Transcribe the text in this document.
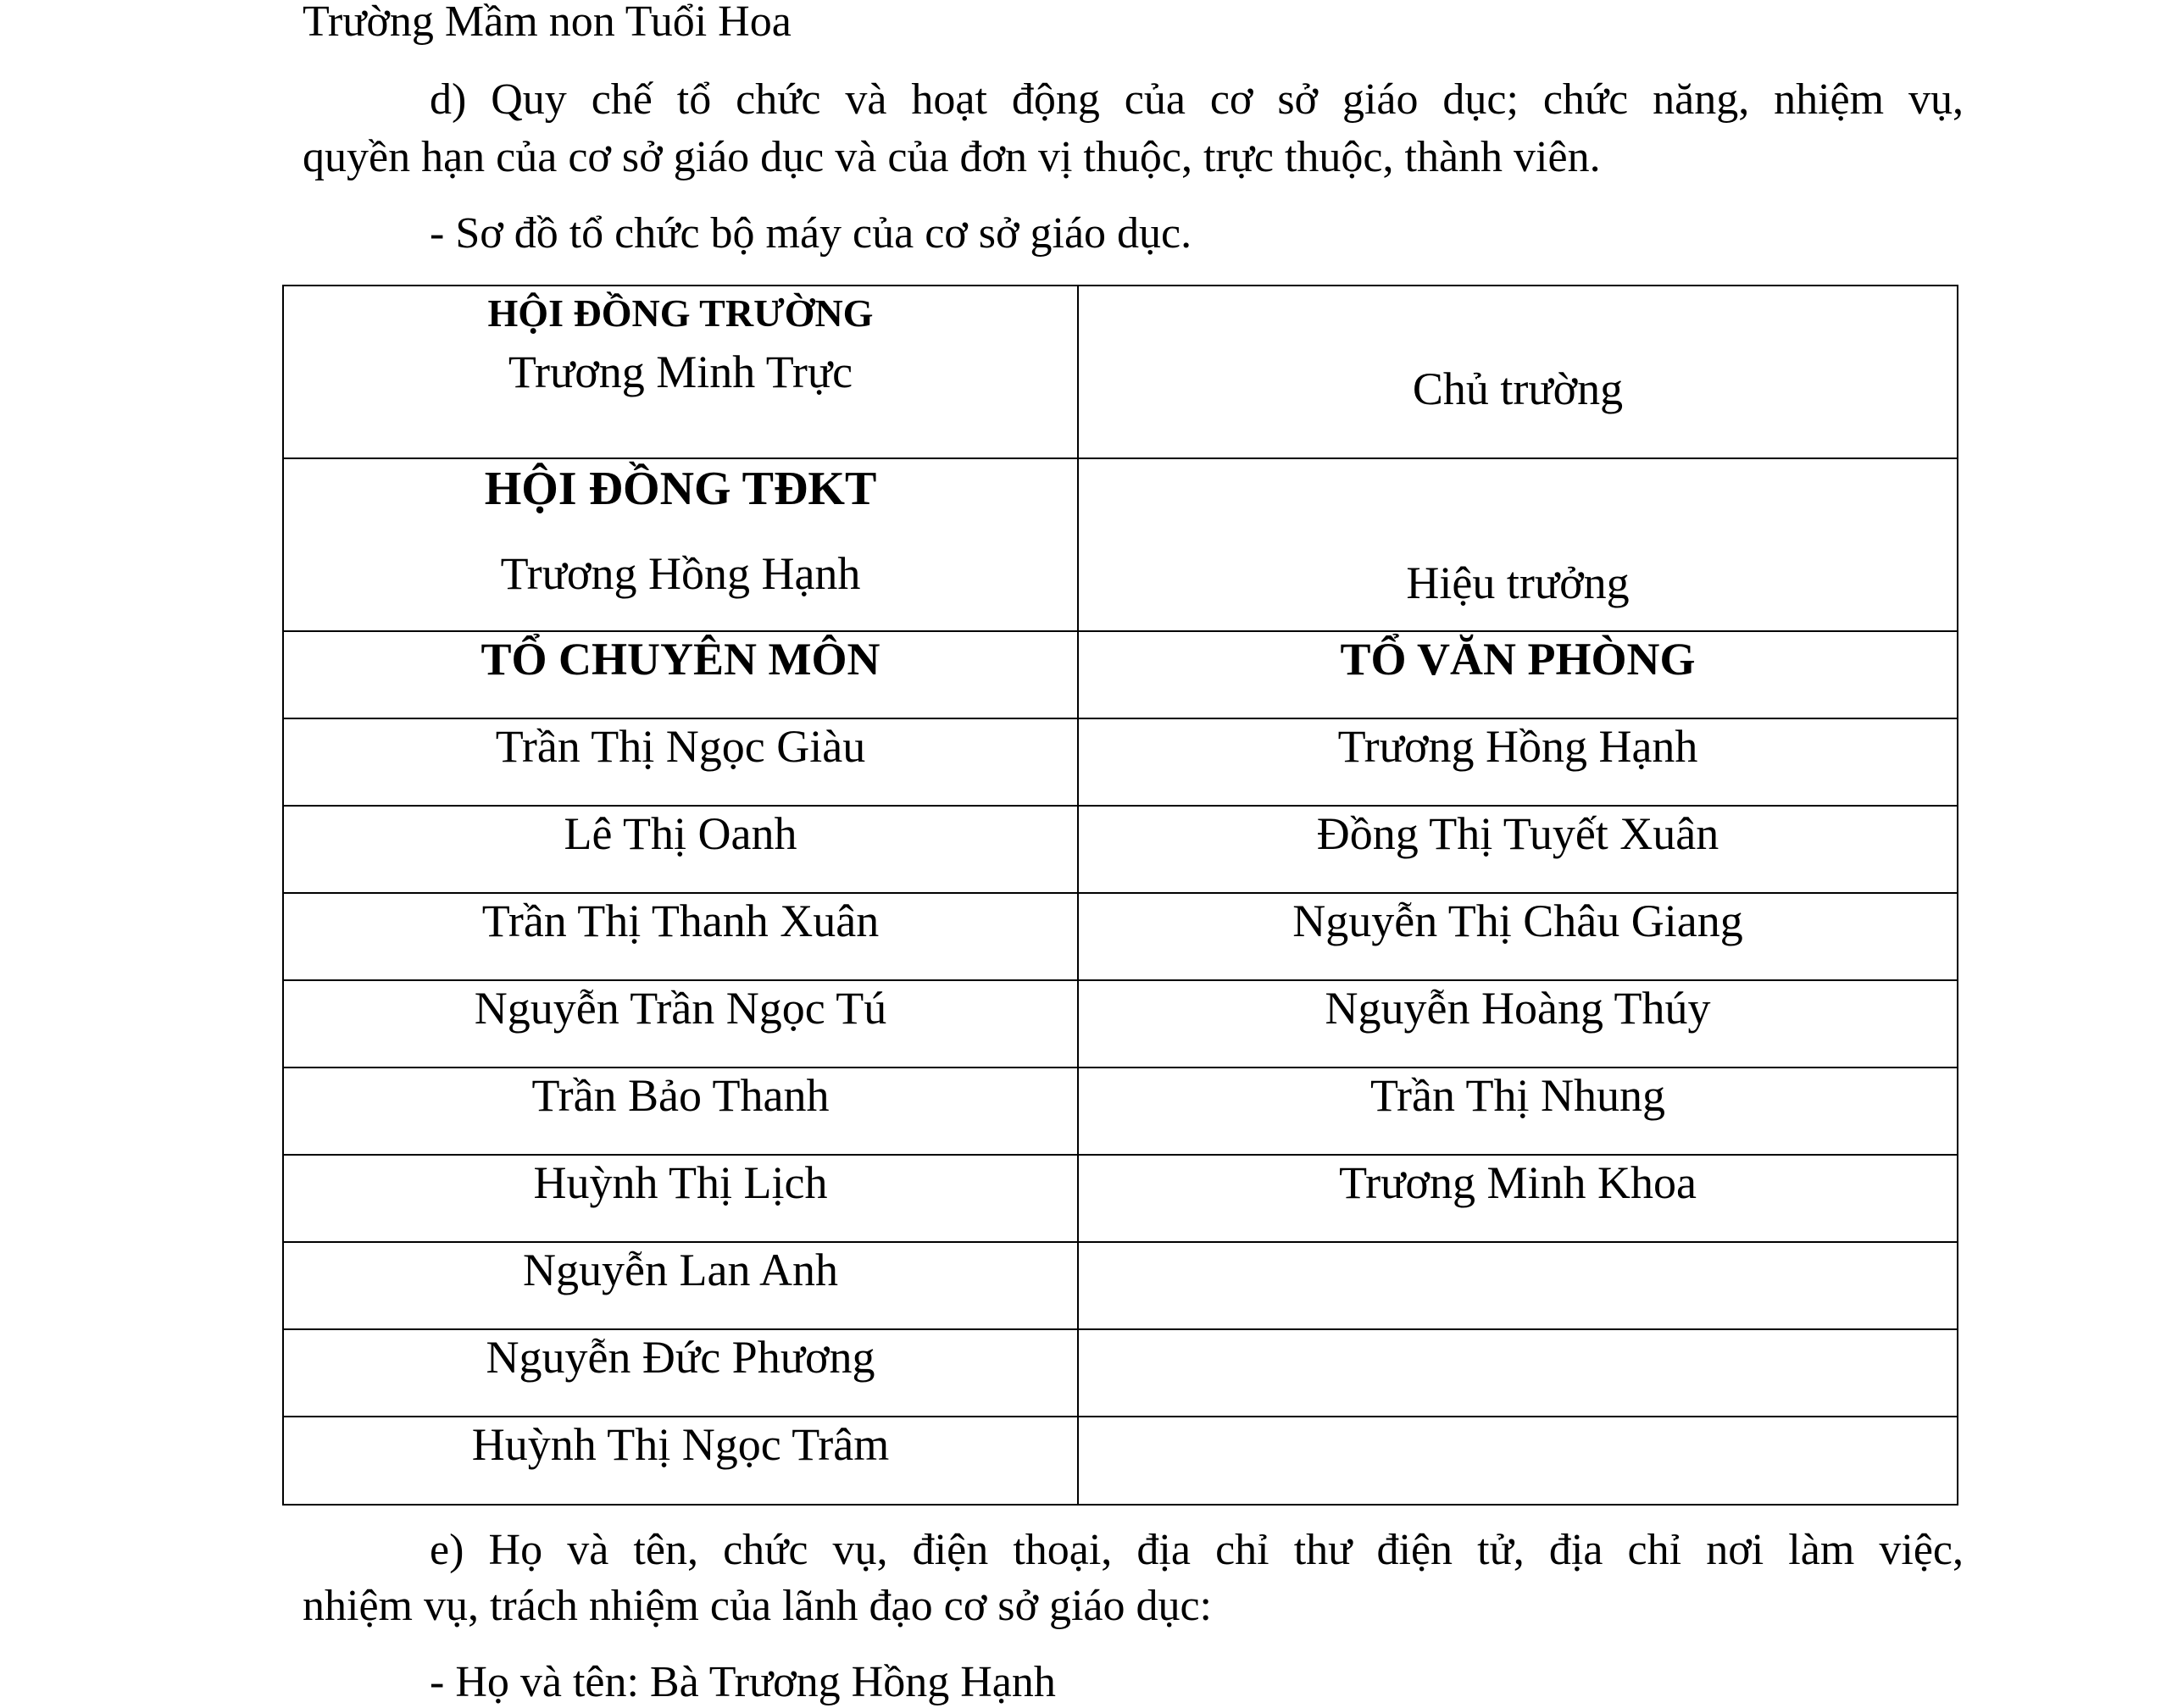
Trường Mầm non Tuổi Hoa
d) Quy chế tổ chức và hoạt động của cơ sở giáo dục; chức năng, nhiệm vụ,
quyền hạn của cơ sở giáo dục và của đơn vị thuộc, trực thuộc, thành viên.
- Sơ đồ tổ chức bộ máy của cơ sở giáo dục.
HỘI ĐỒNG TRƯỜNG
Trương Minh Trực	Chủ trường

HỘI ĐỒNG TĐKT
Trương Hồng Hạnh	Hiệu trưởng
TỔ CHUYÊN MÔN	TỔ VĂN PHÒNG
Trần Thị Ngọc Giàu	Trương Hồng Hạnh
Lê Thị Oanh	Đồng Thị Tuyết Xuân
Trần Thị Thanh Xuân	Nguyễn Thị Châu Giang
Nguyễn Trần Ngọc Tú	Nguyễn Hoàng Thúy
Trần Bảo Thanh	Trần Thị Nhung
Huỳnh Thị Lịch	Trương Minh Khoa
Nguyễn Lan Anh	
Nguyễn Đức Phương	
Huỳnh Thị Ngọc Trâm	
e) Họ và tên, chức vụ, điện thoại, địa chỉ thư điện tử, địa chỉ nơi làm việc,
nhiệm vụ, trách nhiệm của lãnh đạo cơ sở giáo dục:
- Họ và tên: Bà Trương Hồng Hạnh
